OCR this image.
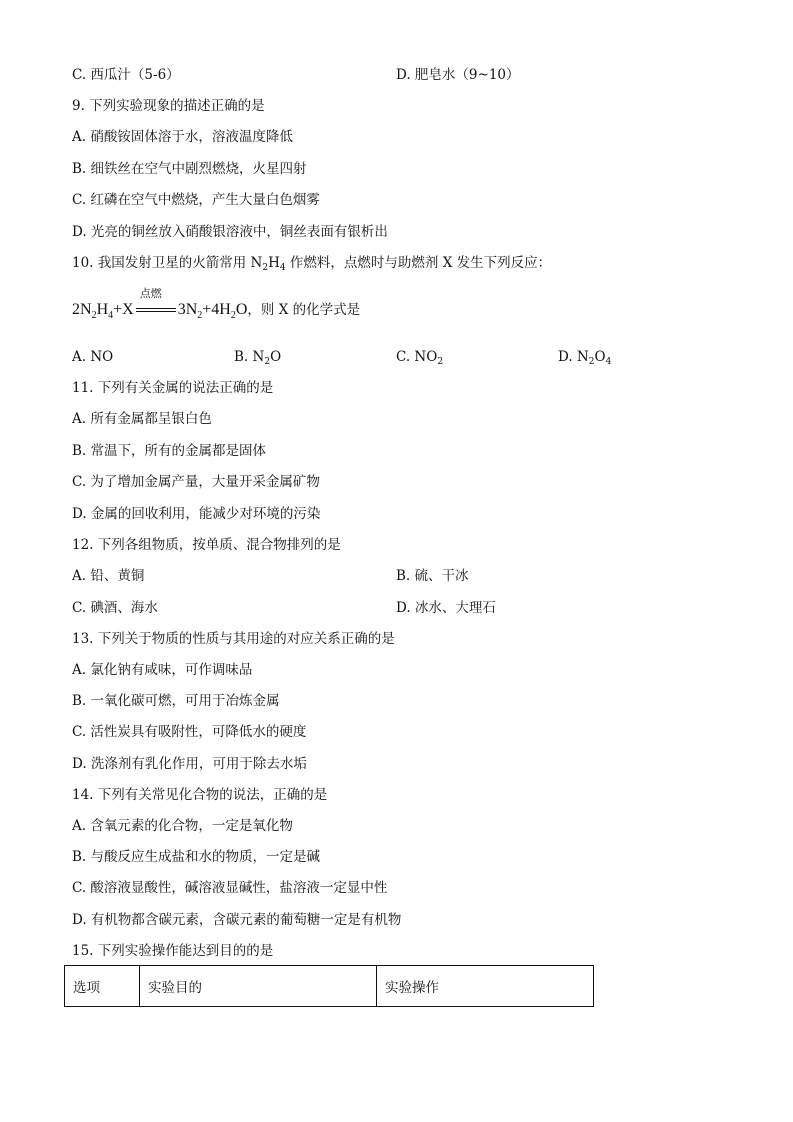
C. 西瓜汁（5-6）	D. 肥皂水（9~10）
9. 下列实验现象的描述正确的是
A. 硝酸铵固体溶于水，溶液温度降低
B. 细铁丝在空气中剧烈燃烧，火星四射
C. 红磷在空气中燃烧，产生大量白色烟雾
D. 光亮的铜丝放入硝酸银溶液中，铜丝表面有银析出
10. 我国发射卫星的火箭常用 $N_2H_4$ 作燃料，点燃时与助燃剂 X 发生下列反应：
$2N_2H_4+X$
点燃
$3N_2+4H_2O$，则 X 的化学式是
A. NO	B. $N_2O$	C. $NO_2$	D. $N_2O_4$
11. 下列有关金属的说法正确的是
A. 所有金属都呈银白色
B. 常温下，所有的金属都是固体
C. 为了增加金属产量，大量开采金属矿物
D. 金属的回收利用，能减少对环境的污染
12. 下列各组物质，按单质、混合物排列的是
A. 铅、黄铜	B. 硫、干冰
C. 碘酒、海水	D. 冰水、大理石
13. 下列关于物质的性质与其用途的对应关系正确的是
A. 氯化钠有咸味，可作调味品
B. 一氧化碳可燃，可用于冶炼金属
C. 活性炭具有吸附性，可降低水的硬度
D. 洗涤剂有乳化作用，可用于除去水垢
14. 下列有关常见化合物的说法，正确的是
A. 含氧元素的化合物，一定是氧化物
B. 与酸反应生成盐和水的物质，一定是碱
C. 酸溶液显酸性，碱溶液显碱性，盐溶液一定显中性
D. 有机物都含碳元素，含碳元素的葡萄糖一定是有机物
15. 下列实验操作能达到目的的是
选项	实验目的	实验操作
